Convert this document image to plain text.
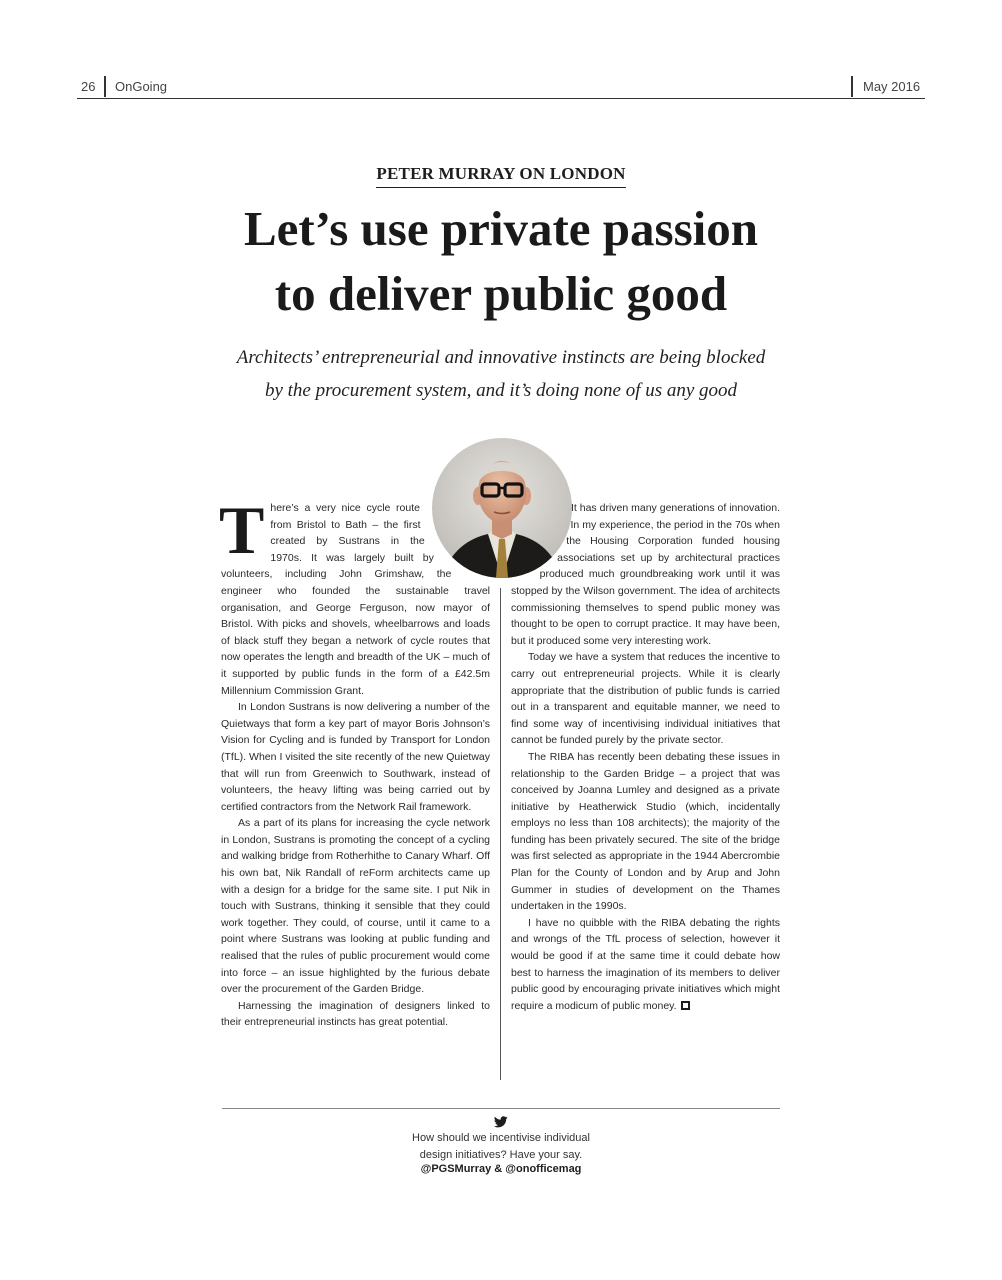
26 OnGoing	May 2016
PETER MURRAY ON LONDON
Let’s use private passion
to deliver public good

Architects’ entrepreneurial and innovative instincts are being blocked
by the procurement system, and it’s doing none of us any good

T here’s a very nice cycle route from Bristol to Bath – the first created by Sustrans in the 1970s. It was largely built by volunteers, including John Grimshaw, the engineer who founded the sustainable travel organisation, and George Ferguson, now mayor of Bristol. With picks and shovels, wheelbarrows and loads of black stuff they began a network of cycle routes that now operates the length and breadth of the UK – much of it supported by public funds in the form of a £42.5m Millennium Commission Grant.

In London Sustrans is now delivering a number of the Quietways that form a key part of mayor Boris Johnson’s Vision for Cycling and is funded by Transport for London (TfL). When I visited the site recently of the new Quietway that will run from Greenwich to Southwark, instead of volunteers, the heavy lifting was being carried out by certified contractors from the Network Rail framework.

As a part of its plans for increasing the cycle network in London, Sustrans is promoting the concept of a cycling and walking bridge from Rotherhithe to Canary Wharf. Off his own bat, Nik Randall of reForm architects came up with a design for a bridge for the same site. I put Nik in touch with Sustrans, thinking it sensible that they could work together. They could, of course, until it came to a point where Sustrans was looking at public funding and realised that the rules of public procurement would come into force – an issue highlighted by the furious debate over the procurement of the Garden Bridge.

Harnessing the imagination of designers linked to their entrepreneurial instincts has great potential.

It has driven many generations of innovation. In my experience, the period in the 70s when the Housing Corporation funded housing associations set up by architectural practices produced much groundbreaking work until it was stopped by the Wilson government. The idea of architects commissioning themselves to spend public money was thought to be open to corrupt practice. It may have been, but it produced some very interesting work.

Today we have a system that reduces the incentive to carry out entrepreneurial projects. While it is clearly appropriate that the distribution of public funds is carried out in a transparent and equitable manner, we need to find some way of incentivising individual initiatives that cannot be funded purely by the private sector.

The RIBA has recently been debating these issues in relationship to the Garden Bridge – a project that was conceived by Joanna Lumley and designed as a private initiative by Heatherwick Studio (which, incidentally employs no less than 108 architects); the majority of the funding has been privately secured. The site of the bridge was first selected as appropriate in the 1944 Abercrombie Plan for the County of London and by Arup and John Gummer in studies of development on the Thames undertaken in the 1990s.

I have no quibble with the RIBA debating the rights and wrongs of the TfL process of selection, however it would be good if at the same time it could debate how best to harness the imagination of its members to deliver public good by encouraging private initiatives which might require a modicum of public money.

How should we incentivise individual
design initiatives? Have your say.
@PGSMurray & @onofficemag
